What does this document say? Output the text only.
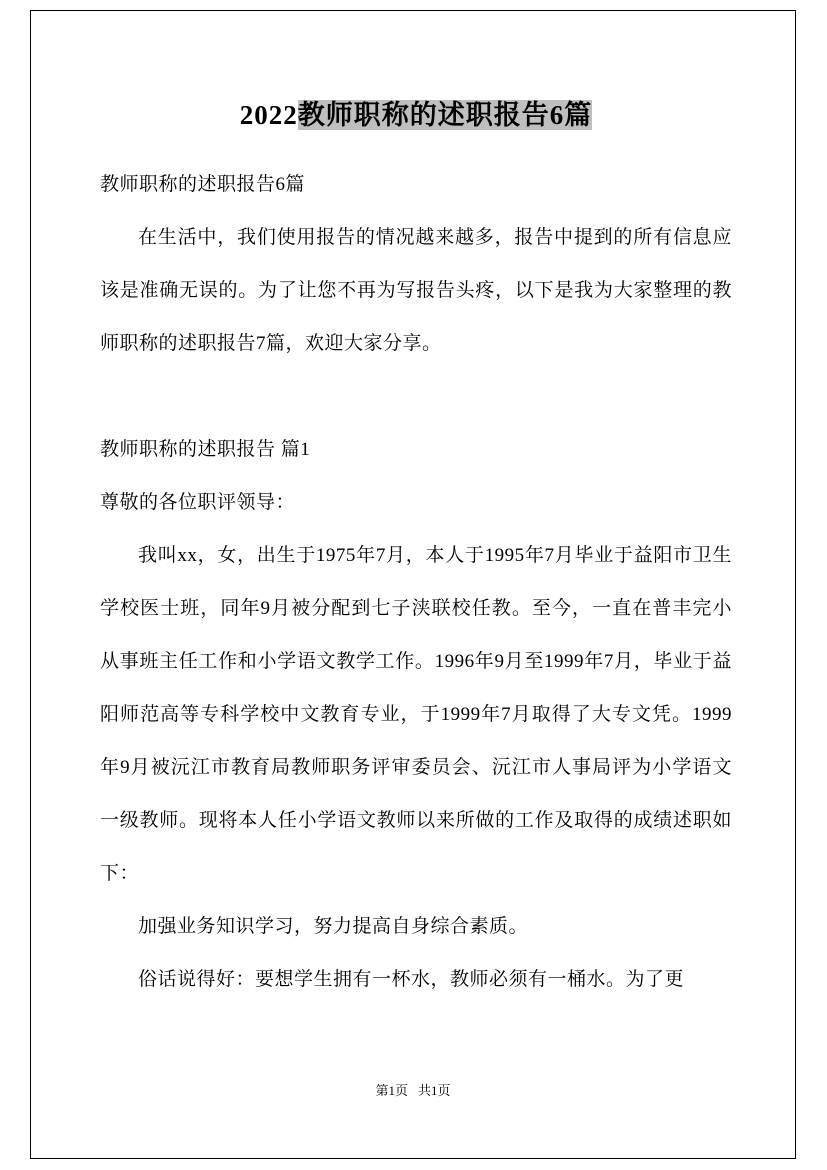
2022教师职称的述职报告6篇

教师职称的述职报告6篇

在生活中，我们使用报告的情况越来越多，报告中提到的所有信息应该是准确无误的。为了让您不再为写报告头疼，以下是我为大家整理的教师职称的述职报告7篇，欢迎大家分享。

教师职称的述职报告 篇1

尊敬的各位职评领导：

我叫xx，女，出生于1975年7月，本人于1995年7月毕业于益阳市卫生学校医士班，同年9月被分配到七子浃联校任教。至今，一直在普丰完小从事班主任工作和小学语文教学工作。1996年9月至1999年7月，毕业于益阳师范高等专科学校中文教育专业，于1999年7月取得了大专文凭。1999年9月被沅江市教育局教师职务评审委员会、沅江市人事局评为小学语文一级教师。现将本人任小学语文教师以来所做的工作及取得的成绩述职如下：

加强业务知识学习，努力提高自身综合素质。

俗话说得好：要想学生拥有一杯水，教师必须有一桶水。为了更

第1页 共1页
